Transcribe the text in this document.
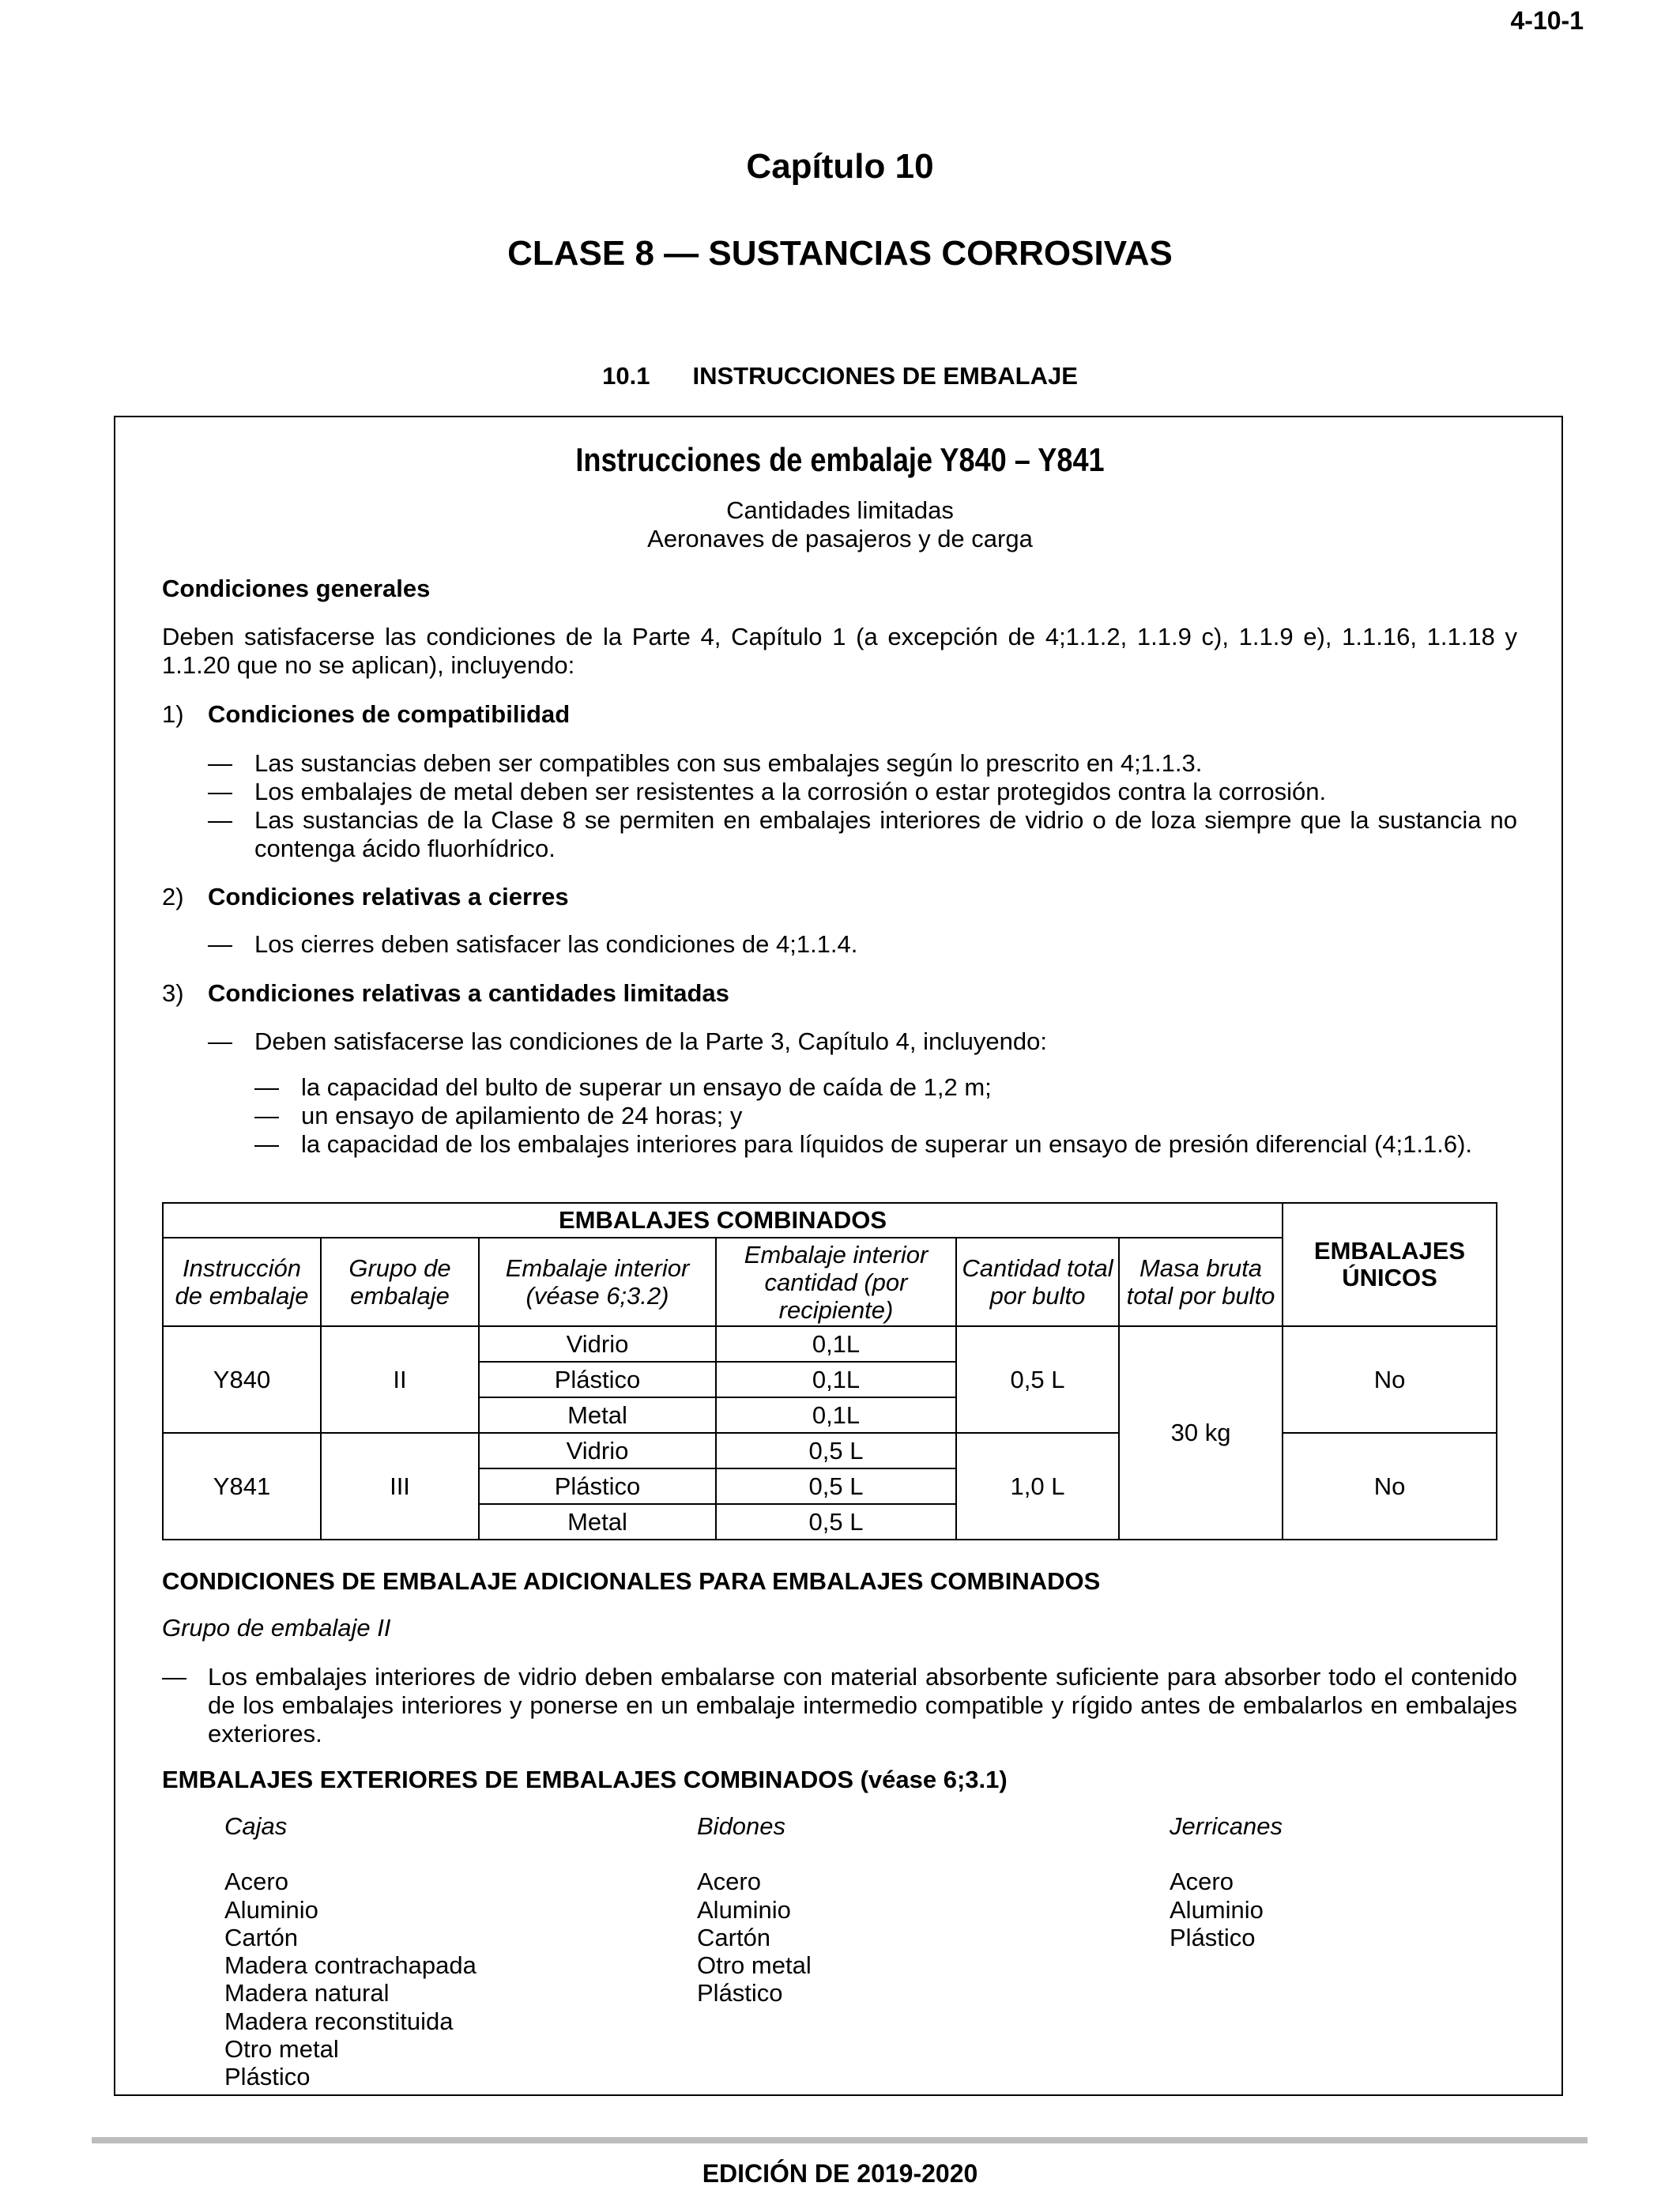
4-10-1
Capítulo 10
CLASE 8 — SUSTANCIAS CORROSIVAS
10.1 INSTRUCCIONES DE EMBALAJE
Instrucciones de embalaje Y840 – Y841
Cantidades limitadas
Aeronaves de pasajeros y de carga
Condiciones generales
Deben satisfacerse las condiciones de la Parte 4, Capítulo 1 (a excepción de 4;1.1.2, 1.1.9 c), 1.1.9 e), 1.1.16, 1.1.18 y 1.1.20 que no se aplican), incluyendo:
1) Condiciones de compatibilidad
— Las sustancias deben ser compatibles con sus embalajes según lo prescrito en 4;1.1.3.
— Los embalajes de metal deben ser resistentes a la corrosión o estar protegidos contra la corrosión.
— Las sustancias de la Clase 8 se permiten en embalajes interiores de vidrio o de loza siempre que la sustancia no contenga ácido fluorhídrico.
2) Condiciones relativas a cierres
— Los cierres deben satisfacer las condiciones de 4;1.1.4.
3) Condiciones relativas a cantidades limitadas
— Deben satisfacerse las condiciones de la Parte 3, Capítulo 4, incluyendo:
— la capacidad del bulto de superar un ensayo de caída de 1,2 m;
— un ensayo de apilamiento de 24 horas; y
— la capacidad de los embalajes interiores para líquidos de superar un ensayo de presión diferencial (4;1.1.6).
EMBALAJES COMBINADOS						EMBALAJES ÚNICOS
Instrucción de embalaje	Grupo de embalaje	Embalaje interior (véase 6;3.2)	Embalaje interior cantidad (por recipiente)	Cantidad total por bulto	Masa bruta total por bulto	
Y840	II	Vidrio	0,1L	0,5 L	30 kg	No
		Plástico	0,1L			
		Metal	0,1L			
Y841	III	Vidrio	0,5 L	1,0 L		No
		Plástico	0,5 L			
		Metal	0,5 L			
CONDICIONES DE EMBALAJE ADICIONALES PARA EMBALAJES COMBINADOS
Grupo de embalaje II
— Los embalajes interiores de vidrio deben embalarse con material absorbente suficiente para absorber todo el contenido de los embalajes interiores y ponerse en un embalaje intermedio compatible y rígido antes de embalarlos en embalajes exteriores.
EMBALAJES EXTERIORES DE EMBALAJES COMBINADOS (véase 6;3.1)
Cajas
Acero
Aluminio
Cartón
Madera contrachapada
Madera natural
Madera reconstituida
Otro metal
Plástico
Bidones
Acero
Aluminio
Cartón
Otro metal
Plástico
Jerricanes
Acero
Aluminio
Plástico
EDICIÓN DE 2019-2020
